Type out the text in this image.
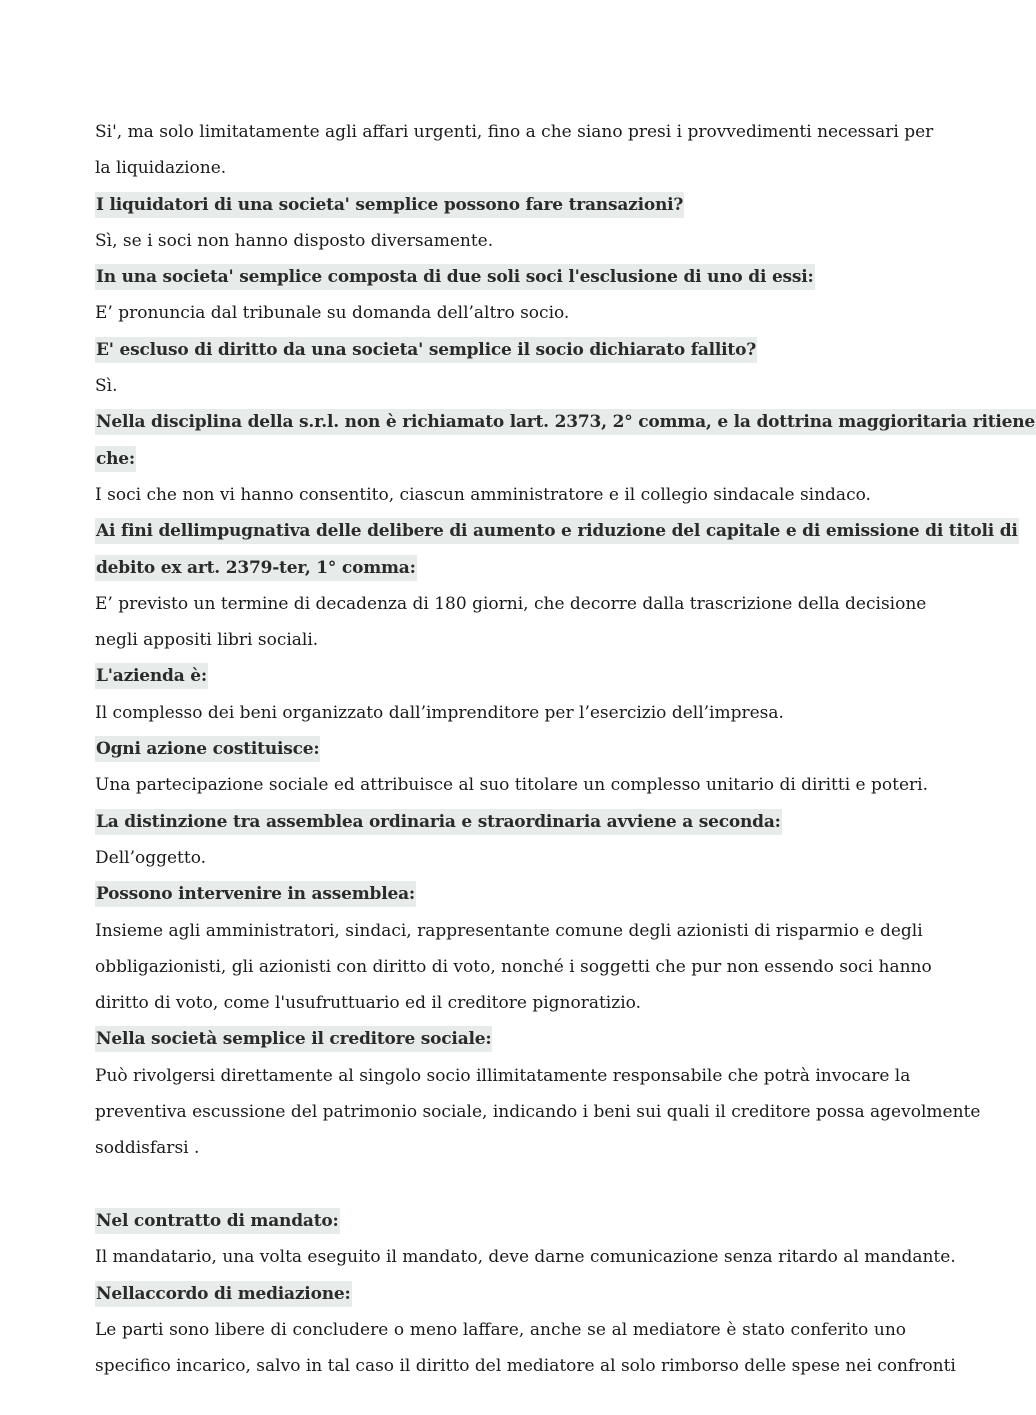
Si', ma solo limitatamente agli affari urgenti, fino a che siano presi i provvedimenti necessari per
la liquidazione.
I liquidatori di una societa' semplice possono fare transazioni?
Sì, se i soci non hanno disposto diversamente.
In una societa' semplice composta di due soli soci l'esclusione di uno di essi:
E’ pronuncia dal tribunale su domanda dell’altro socio.
E' escluso di diritto da una societa' semplice il socio dichiarato fallito?
Sì.
Nella disciplina della s.r.l. non è richiamato lart. 2373, 2° comma, e la dottrina maggioritaria ritiene
che:
I soci che non vi hanno consentito, ciascun amministratore e il collegio sindacale sindaco.
Ai fini dellimpugnativa delle delibere di aumento e riduzione del capitale e di emissione di titoli di
debito ex art. 2379-ter, 1° comma:
E’ previsto un termine di decadenza di 180 giorni, che decorre dalla trascrizione della decisione
negli appositi libri sociali.
L'azienda è:
Il complesso dei beni organizzato dall’imprenditore per l’esercizio dell’impresa.
Ogni azione costituisce:
Una partecipazione sociale ed attribuisce al suo titolare un complesso unitario di diritti e poteri.
La distinzione tra assemblea ordinaria e straordinaria avviene a seconda:
Dell’oggetto.
Possono intervenire in assemblea:
Insieme agli amministratori, sindaci, rappresentante comune degli azionisti di risparmio e degli
obbligazionisti, gli azionisti con diritto di voto, nonché i soggetti che pur non essendo soci hanno
diritto di voto, come l'usufruttuario ed il creditore pignoratizio.
Nella società semplice il creditore sociale:
Può rivolgersi direttamente al singolo socio illimitatamente responsabile che potrà invocare la
preventiva escussione del patrimonio sociale, indicando i beni sui quali il creditore possa agevolmente
soddisfarsi .
Nel contratto di mandato:
Il mandatario, una volta eseguito il mandato, deve darne comunicazione senza ritardo al mandante.
Nellaccordo di mediazione:
Le parti sono libere di concludere o meno laffare, anche se al mediatore è stato conferito uno
specifico incarico, salvo in tal caso il diritto del mediatore al solo rimborso delle spese nei confronti
